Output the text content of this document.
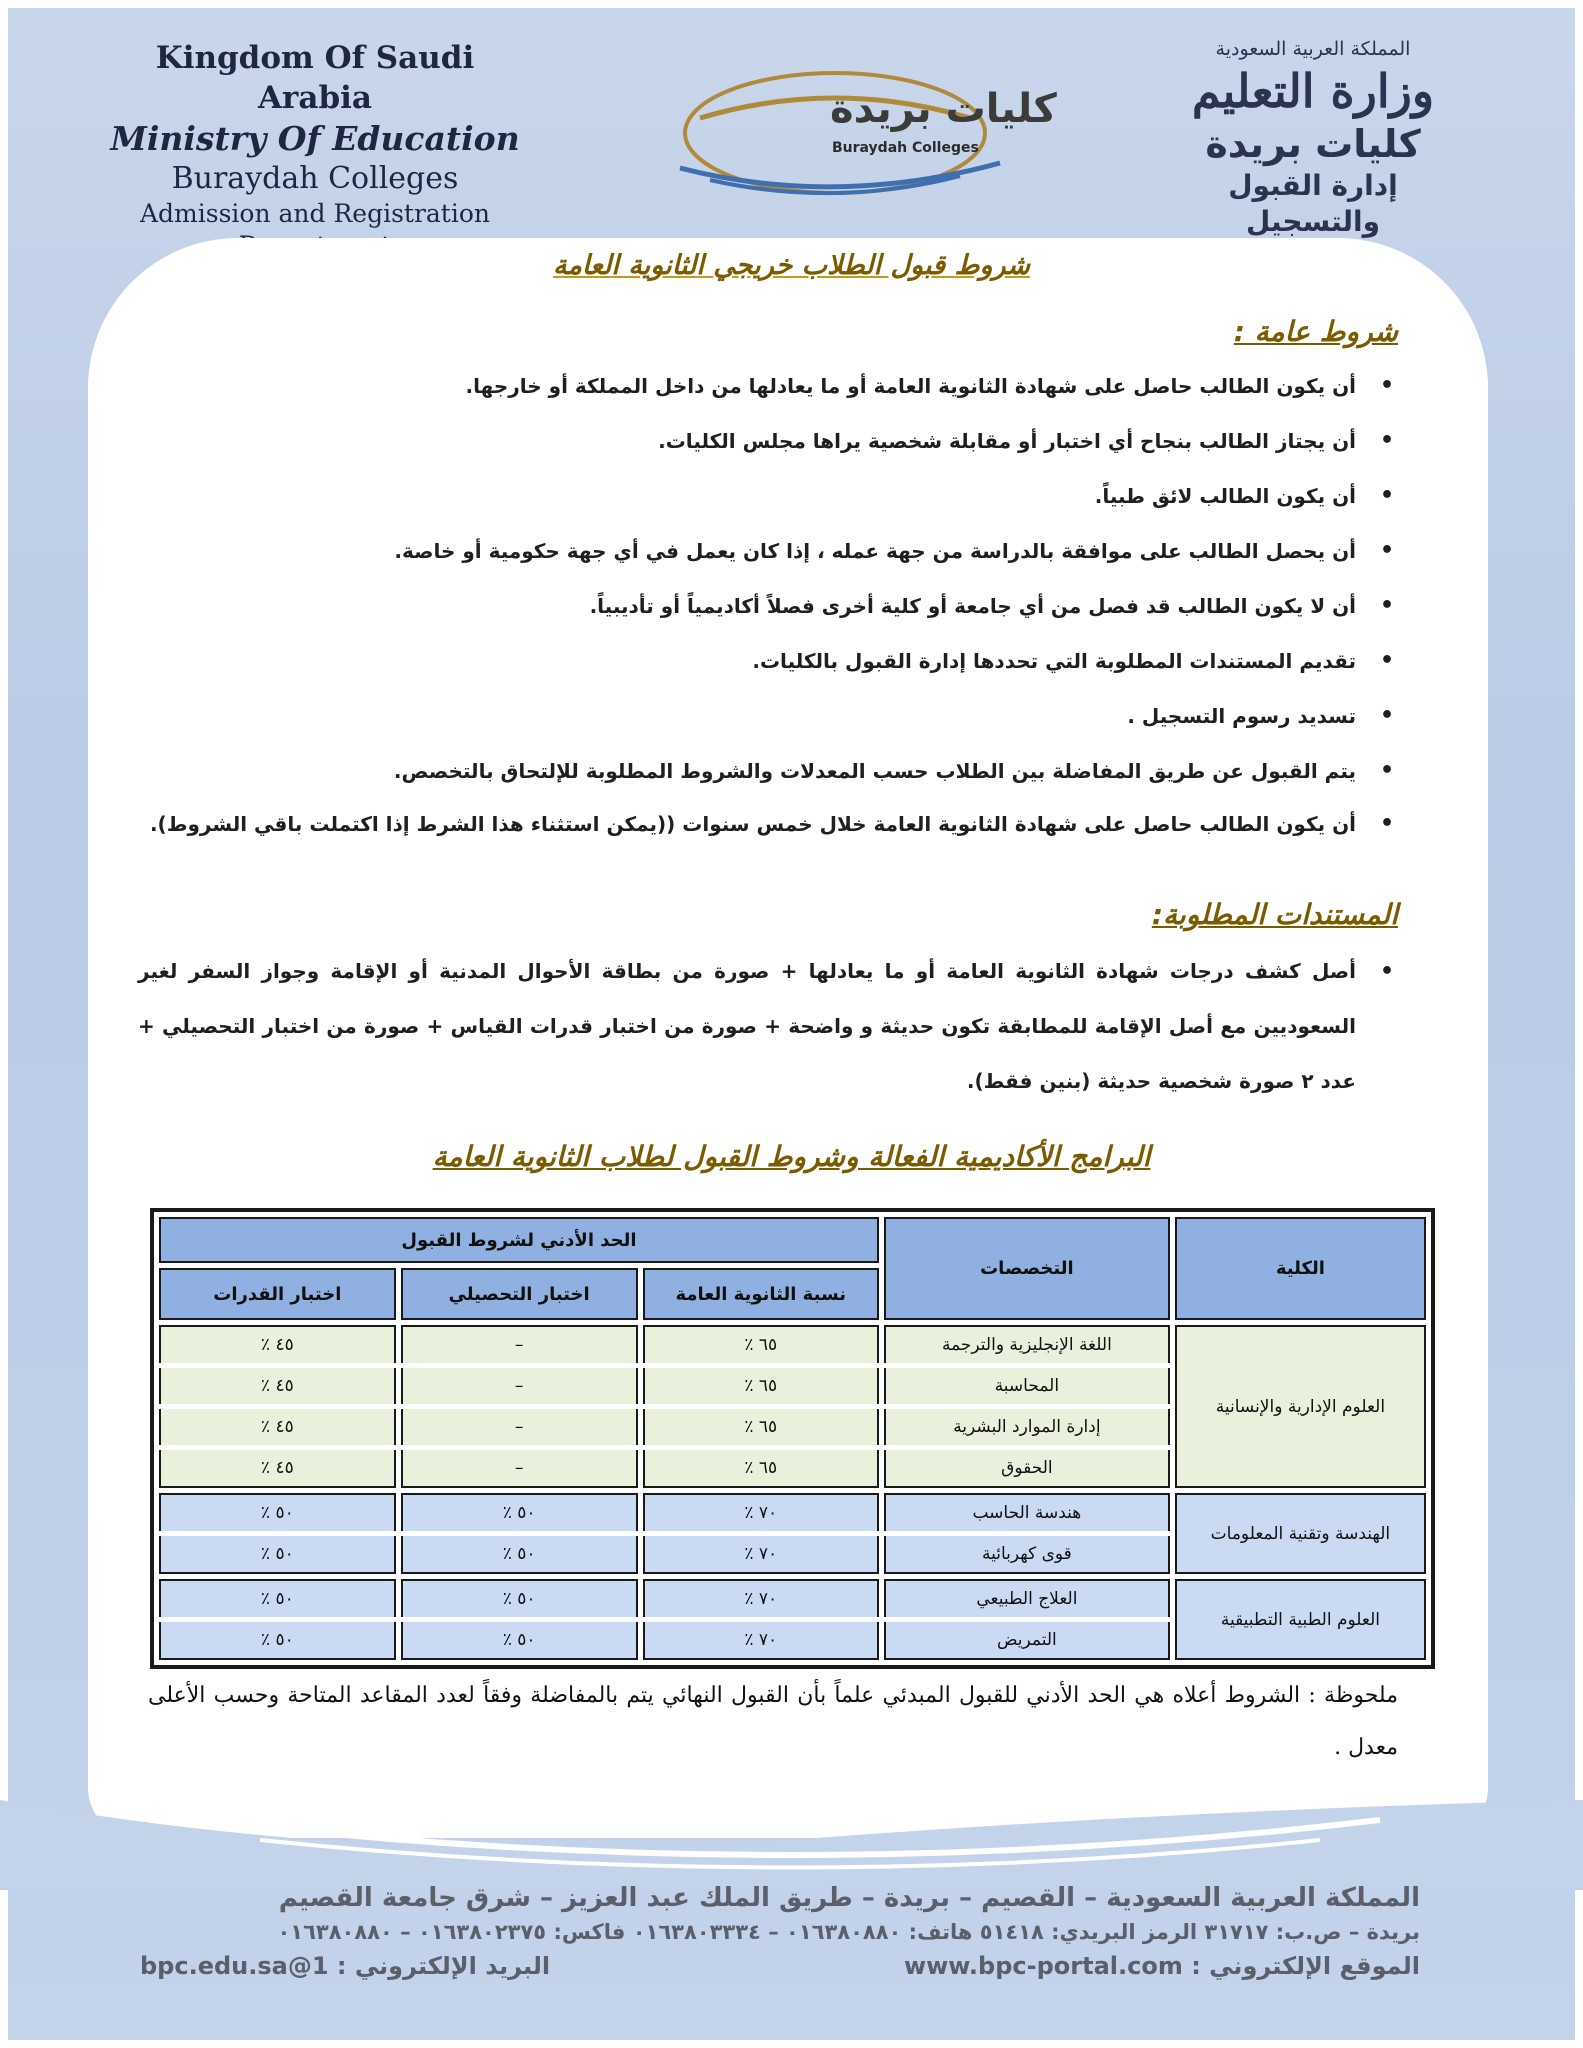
Kingdom Of Saudi Arabia
Ministry Of Education
Buraydah Colleges
Admission and Registration
كليات بريدة
Buraydah Colleges
المملكة العربية السعودية
وزارة التعليم
كليات بريدة
إدارة القبول والتسجيل
شروط قبول الطلاب خريجي الثانوية العامة
شروط عامة :
• أن يكون الطالب حاصل على شهادة الثانوية العامة أو ما يعادلها من داخل المملكة أو خارجها.
• أن يجتاز الطالب بنجاح أي اختبار أو مقابلة شخصية يراها مجلس الكليات.
• أن يكون الطالب لائق طبياً.
• أن يحصل الطالب على موافقة بالدراسة من جهة عمله ، إذا كان يعمل في أي جهة حكومية أو خاصة.
• أن لا يكون الطالب قد فصل من أي جامعة أو كلية أخرى فصلاً أكاديمياً أو تأديبياً.
• تقديم المستندات المطلوبة التي تحددها إدارة القبول بالكليات.
• تسديد رسوم التسجيل .
• يتم القبول عن طريق المفاضلة بين الطلاب حسب المعدلات والشروط المطلوبة للإلتحاق بالتخصص.
• أن يكون الطالب حاصل على شهادة الثانوية العامة خلال خمس سنوات ((يمكن استثناء هذا الشرط إذا اكتملت باقي الشروط).
المستندات المطلوبة:
• أصل كشف درجات شهادة الثانوية العامة أو ما يعادلها + صورة من بطاقة الأحوال المدنية أو الإقامة وجواز السفر لغير السعوديين مع أصل الإقامة للمطابقة تكون حديثة و واضحة + صورة من اختبار قدرات القياس + صورة من اختبار التحصيلي + عدد ٢ صورة شخصية حديثة (بنين فقط).
البرامج الأكاديمية الفعالة وشروط القبول لطلاب الثانوية العامة
الكلية	التخصصات	الحد الأدني لشروط القبول		
		نسبة الثانوية العامة	اختبار التحصيلي	اختبار القدرات
العلوم الإدارية والإنسانية	اللغة الإنجليزية والترجمة	٦٥ ٪	–	٤٥ ٪
	المحاسبة	٦٥ ٪	–	٤٥ ٪
	إدارة الموارد البشرية	٦٥ ٪	–	٤٥ ٪
	الحقوق	٦٥ ٪	–	٤٥ ٪
الهندسة وتقنية المعلومات	هندسة الحاسب	٧٠ ٪	٥٠ ٪	٥٠ ٪
	قوى كهربائية	٧٠ ٪	٥٠ ٪	٥٠ ٪
العلوم الطبية التطبيقية	العلاج الطبيعي	٧٠ ٪	٥٠ ٪	٥٠ ٪
	التمريض	٧٠ ٪	٥٠ ٪	٥٠ ٪
ملحوظة : الشروط أعلاه هي الحد الأدني للقبول المبدئي علماً بأن القبول النهائي يتم بالمفاضلة وفقاً لعدد المقاعد المتاحة وحسب الأعلى معدل .
المملكة العربية السعودية – القصيم – بريدة – طريق الملك عبد العزيز – شرق جامعة القصيم
بريدة – ص.ب: ٣١٧١٧ الرمز البريدي: ٥١٤١٨ هاتف: ٠١٦٣٨٠٨٨٠ – ٠١٦٣٨٠٣٣٣٤ فاكس: ٠١٦٣٨٠٢٣٧٥ – ٠١٦٣٨٠٨٨٠
الموقع الإلكتروني : www.bpc-portal.com
البريد الإلكتروني : 1@bpc.edu.sa
